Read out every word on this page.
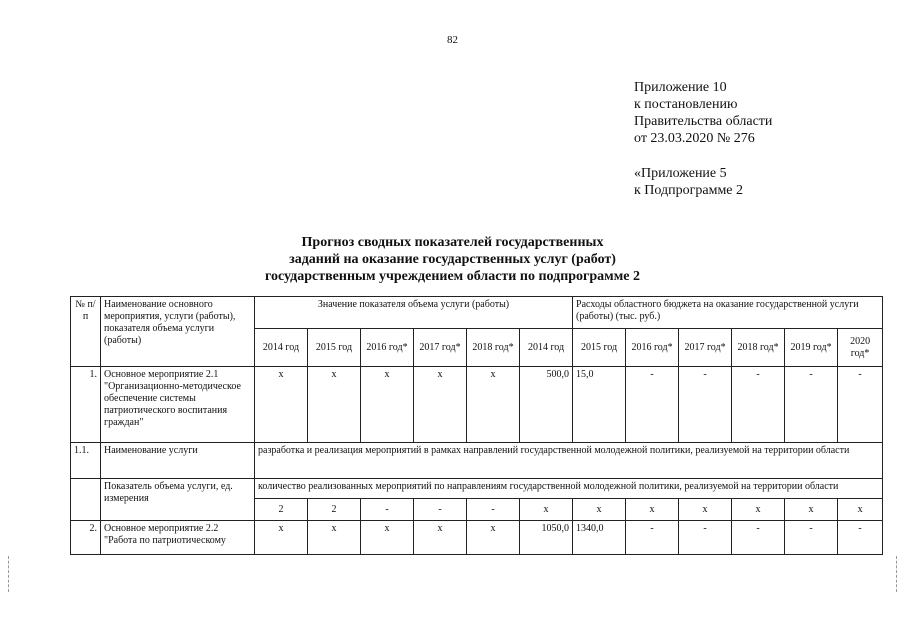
82
Приложение 10
к постановлению
Правительства области
от 23.03.2020 № 276
«Приложение 5
к Подпрограмме 2
Прогноз сводных показателей государственных
заданий на оказание государственных услуг (работ)
государственным учреждением области по подпрограмме 2
№ п/п	Наименование основного мероприятия, услуги (работы), показателя объема услуги (работы)	Значение показателя объема услуги (работы)						Расходы областного бюджета на оказание государственной услуги (работы) (тыс. руб.)					
		2014 год	2015 год	2016 год*	2017 год*	2018 год*	2014 год	2015 год	2016 год*	2017 год*	2018 год*	2019 год*	2020 год*
1.	Основное мероприятие 2.1 "Организационно-методическое обеспечение системы патриотического воспитания граждан"	x	x	x	x	x	500,0	15,0	-	-	-	-	-
1.1.	Наименование услуги	разработка и реализация мероприятий в рамках направлений государственной молодежной политики, реализуемой на территории области											
	Показатель объема услуги, ед. измерения	количество реализованных мероприятий по направлениям государственной молодежной политики, реализуемой на территории области											
		2	2	-	-	-	x	x	x	x	x	x	x
2.	Основное мероприятие 2.2 "Работа по патриотическому	x	x	x	x	x	1050,0	1340,0	-	-	-	-	-
